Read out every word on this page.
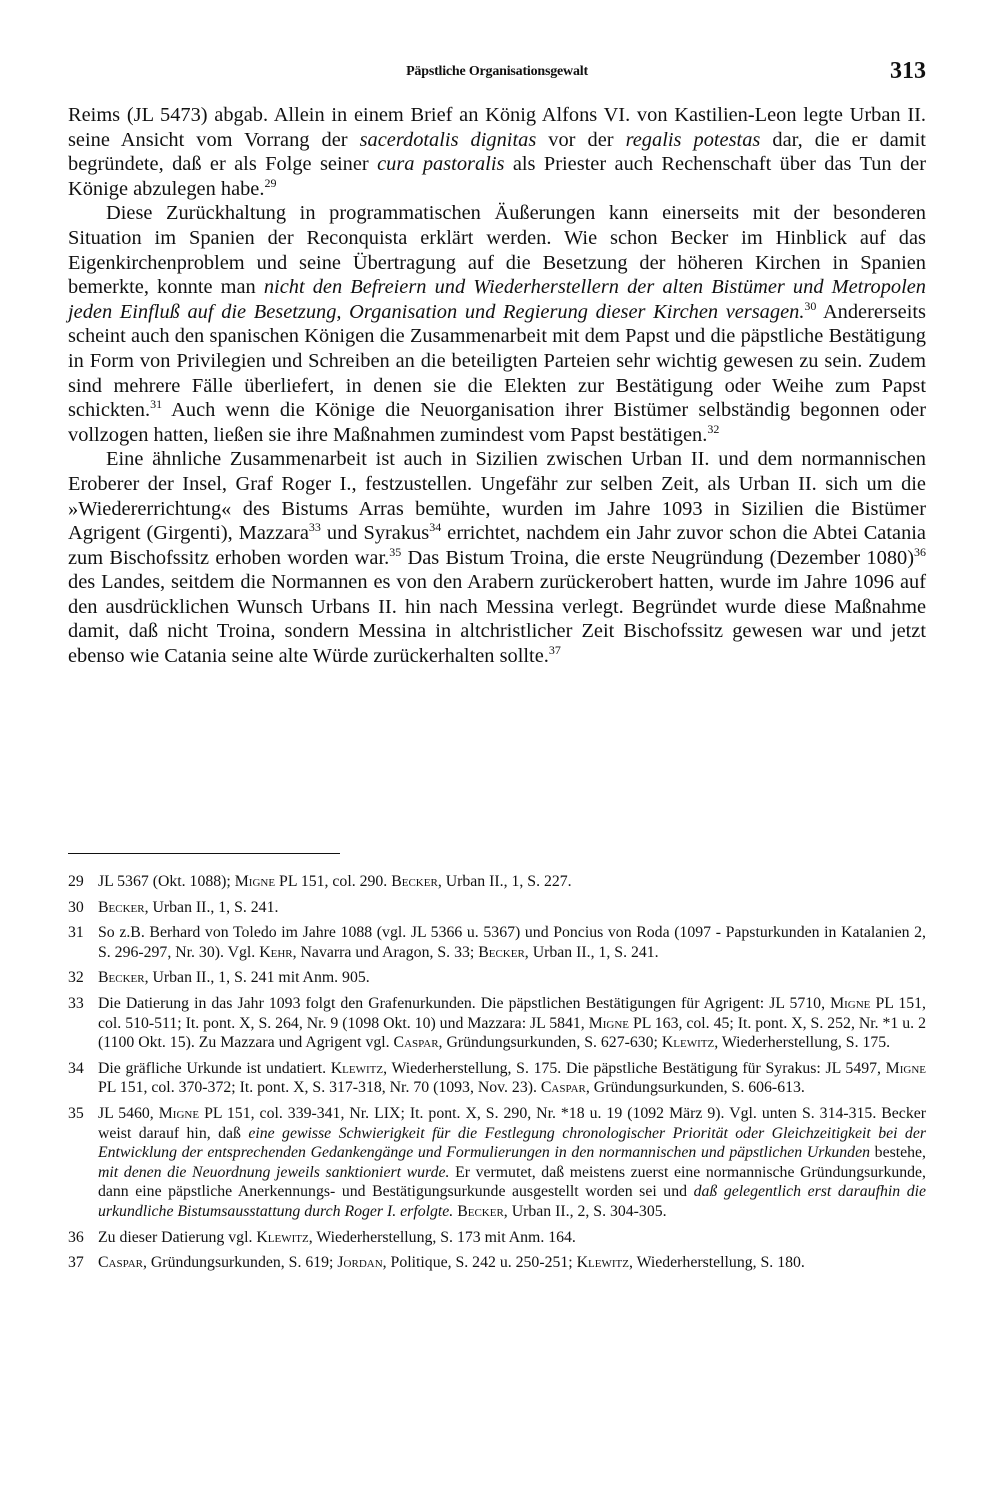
Päpstliche Organisationsgewalt	313

Reims (JL 5473) abgab. Allein in einem Brief an König Alfons VI. von Kastilien-Leon legte Urban II. seine Ansicht vom Vorrang der sacerdotalis dignitas vor der regalis potestas dar, die er damit begründete, daß er als Folge seiner cura pastoralis als Priester auch Rechenschaft über das Tun der Könige abzulegen habe.$^{29}$

Diese Zurückhaltung in programmatischen Äußerungen kann einerseits mit der besonderen Situation im Spanien der Reconquista erklärt werden. Wie schon Becker im Hinblick auf das Eigenkirchenproblem und seine Übertragung auf die Besetzung der höheren Kirchen in Spanien bemerkte, konnte man nicht den Befreiern und Wiederherstellern der alten Bistümer und Metropolen jeden Einfluß auf die Besetzung, Organisation und Regierung dieser Kirchen versagen.$^{30}$ Andererseits scheint auch den spanischen Königen die Zusammenarbeit mit dem Papst und die päpstliche Bestätigung in Form von Privilegien und Schreiben an die beteiligten Parteien sehr wichtig gewesen zu sein. Zudem sind mehrere Fälle überliefert, in denen sie die Elekten zur Bestätigung oder Weihe zum Papst schickten.$^{31}$ Auch wenn die Könige die Neuorganisation ihrer Bistümer selbständig begonnen oder vollzogen hatten, ließen sie ihre Maßnahmen zumindest vom Papst bestätigen.$^{32}$

Eine ähnliche Zusammenarbeit ist auch in Sizilien zwischen Urban II. und dem normannischen Eroberer der Insel, Graf Roger I., festzustellen. Ungefähr zur selben Zeit, als Urban II. sich um die »Wiedererrichtung« des Bistums Arras bemühte, wurden im Jahre 1093 in Sizilien die Bistümer Agrigent (Girgenti), Mazzara$^{33}$ und Syrakus$^{34}$ errichtet, nachdem ein Jahr zuvor schon die Abtei Catania zum Bischofssitz erhoben worden war.$^{35}$ Das Bistum Troina, die erste Neugründung (Dezember 1080)$^{36}$ des Landes, seitdem die Normannen es von den Arabern zurückerobert hatten, wurde im Jahre 1096 auf den ausdrücklichen Wunsch Urbans II. hin nach Messina verlegt. Begründet wurde diese Maßnahme damit, daß nicht Troina, sondern Messina in altchristlicher Zeit Bischofssitz gewesen war und jetzt ebenso wie Catania seine alte Würde zurückerhalten sollte.$^{37}$

29 JL 5367 (Okt. 1088); Migne PL 151, col. 290. Becker, Urban II., 1, S. 227.
30 Becker, Urban II., 1, S. 241.
31 So z.B. Berhard von Toledo im Jahre 1088 (vgl. JL 5366 u. 5367) und Poncius von Roda (1097 - Papsturkunden in Katalanien 2, S. 296-297, Nr. 30). Vgl. Kehr, Navarra und Aragon, S. 33; Becker, Urban II., 1, S. 241.
32 Becker, Urban II., 1, S. 241 mit Anm. 905.
33 Die Datierung in das Jahr 1093 folgt den Grafenurkunden. Die päpstlichen Bestätigungen für Agrigent: JL 5710, Migne PL 151, col. 510-511; It. pont. X, S. 264, Nr. 9 (1098 Okt. 10) und Mazzara: JL 5841, Migne PL 163, col. 45; It. pont. X, S. 252, Nr. *1 u. 2 (1100 Okt. 15). Zu Mazzara und Agrigent vgl. Caspar, Gründungsurkunden, S. 627-630; Klewitz, Wiederherstellung, S. 175.
34 Die gräfliche Urkunde ist undatiert. Klewitz, Wiederherstellung, S. 175. Die päpstliche Bestätigung für Syrakus: JL 5497, Migne PL 151, col. 370-372; It. pont. X, S. 317-318, Nr. 70 (1093, Nov. 23). Caspar, Gründungsurkunden, S. 606-613.
35 JL 5460, Migne PL 151, col. 339-341, Nr. LIX; It. pont. X, S. 290, Nr. *18 u. 19 (1092 März 9). Vgl. unten S. 314-315. Becker weist darauf hin, daß eine gewisse Schwierigkeit für die Festlegung chronologischer Priorität oder Gleichzeitigkeit bei der Entwicklung der entsprechenden Gedankengänge und Formulierungen in den normannischen und päpstlichen Urkunden bestehe, mit denen die Neuordnung jeweils sanktioniert wurde. Er vermutet, daß meistens zuerst eine normannische Gründungsurkunde, dann eine päpstliche Anerkennungs- und Bestätigungsurkunde ausgestellt worden sei und daß gelegentlich erst daraufhin die urkundliche Bistumsausstattung durch Roger I. erfolgte. Becker, Urban II., 2, S. 304-305.
36 Zu dieser Datierung vgl. Klewitz, Wiederherstellung, S. 173 mit Anm. 164.
37 Caspar, Gründungsurkunden, S. 619; Jordan, Politique, S. 242 u. 250-251; Klewitz, Wiederherstellung, S. 180.
